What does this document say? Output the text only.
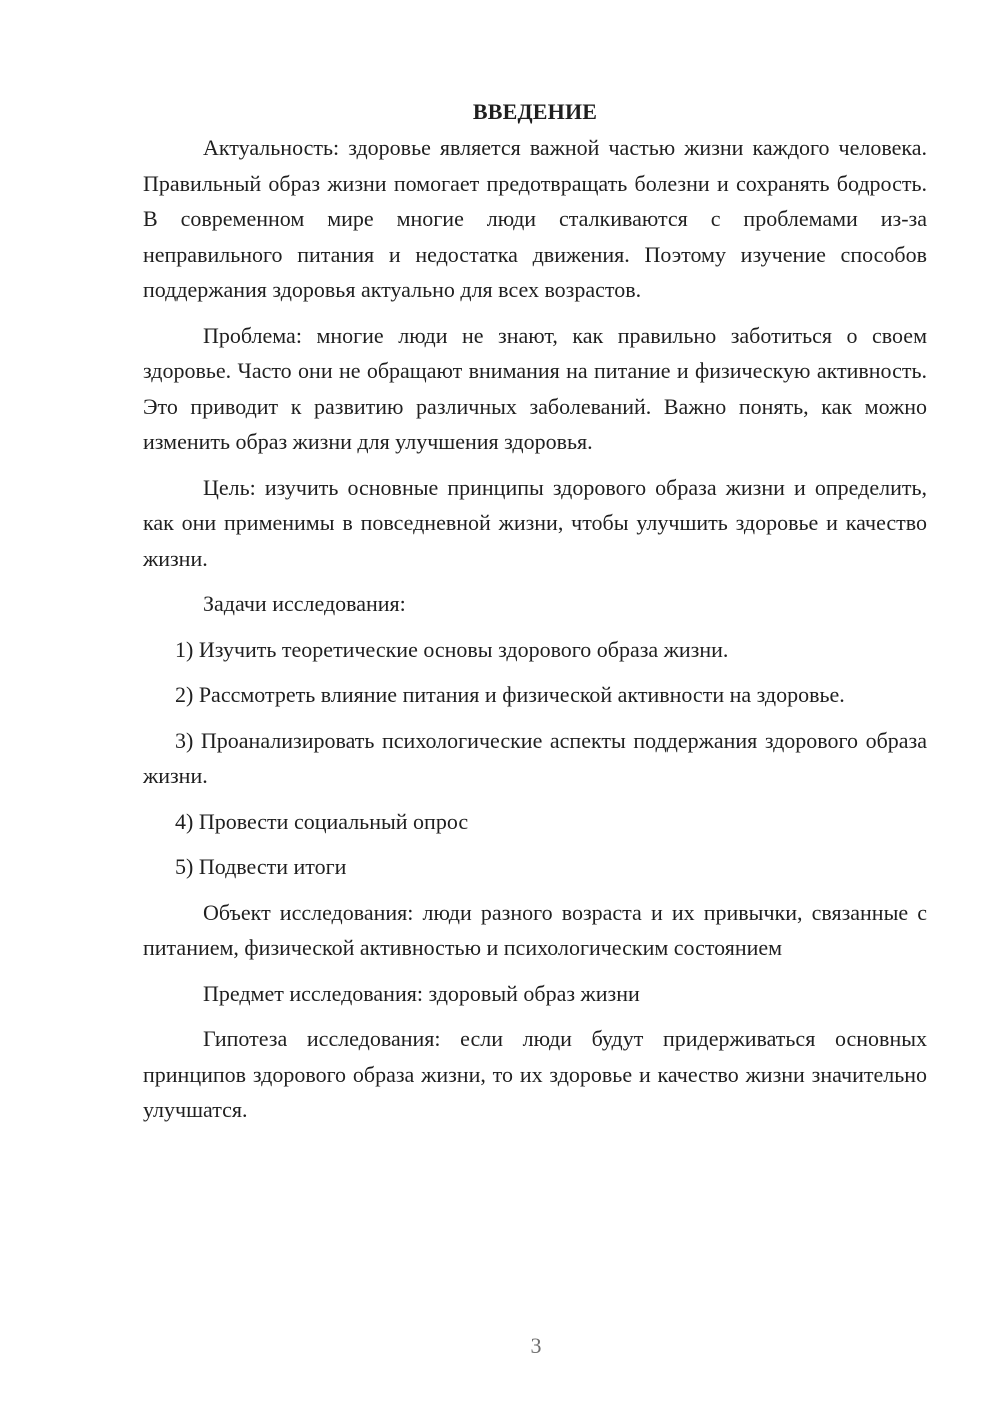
ВВЕДЕНИЕ

Актуальность: здоровье является важной частью жизни каждого человека. Правильный образ жизни помогает предотвращать болезни и сохранять бодрость. В современном мире многие люди сталкиваются с проблемами из-за неправильного питания и недостатка движения. Поэтому изучение способов поддержания здоровья актуально для всех возрастов.

Проблема: многие люди не знают, как правильно заботиться о своем здоровье. Часто они не обращают внимания на питание и физическую активность. Это приводит к развитию различных заболеваний. Важно понять, как можно изменить образ жизни для улучшения здоровья.

Цель: изучить основные принципы здорового образа жизни и определить, как они применимы в повседневной жизни, чтобы улучшить здоровье и качество жизни.

Задачи исследования:

1) Изучить теоретические основы здорового образа жизни.

2) Рассмотреть влияние питания и физической активности на здоровье.

3) Проанализировать психологические аспекты поддержания здорового образа жизни.

4) Провести социальный опрос

5) Подвести итоги

Объект исследования: люди разного возраста и их привычки, связанные с питанием, физической активностью и психологическим состоянием

Предмет исследования: здоровый образ жизни

Гипотеза исследования: если люди будут придерживаться основных принципов здорового образа жизни, то их здоровье и качество жизни значительно улучшатся.

3
